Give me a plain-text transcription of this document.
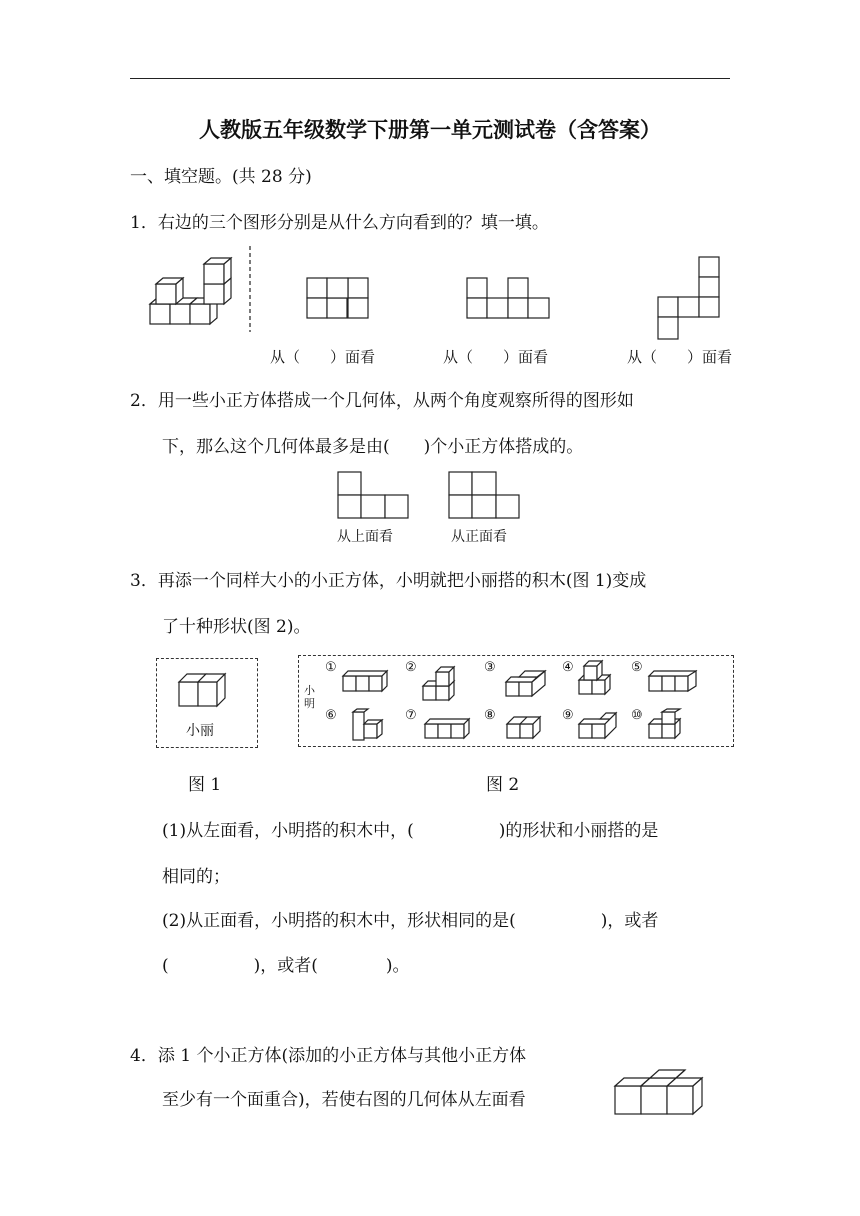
人教版五年级数学下册第一单元测试卷（含答案）
一、填空题。(共 28 分)
1．右边的三个图形分别是从什么方向看到的？填一填。
从（　　）面看	从（　　）面看	从（　　）面看
2．用一些小正方体搭成一个几何体，从两个角度观察所得的图形如
下，那么这个几何体最多是由(　　)个小正方体搭成的。
从上面看	从正面看
3．再添一个同样大小的小正方体，小明就把小丽搭的积木(图 1)变成
了十种形状(图 2)。
小丽
小明
①	②	③	④	⑤
⑥	⑦	⑧	⑨	⑩
图 1	图 2
(1)从左面看，小明搭的积木中，(　　　　　)的形状和小丽搭的是
相同的；
(2)从正面看，小明搭的积木中，形状相同的是(　　　　　)，或者
(　　　　　)，或者(　　　　)。
4．添 1 个小正方体(添加的小正方体与其他小正方体
至少有一个面重合)，若使右图的几何体从左面看
